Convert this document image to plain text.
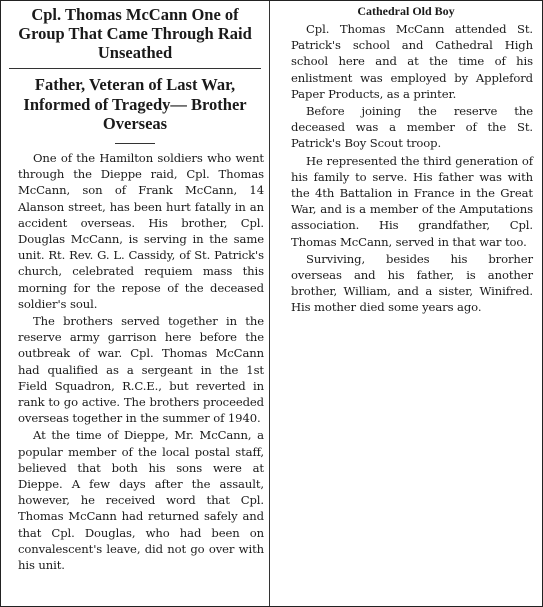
Cpl. Thomas McCann One of Group That Came Through Raid Unseathed
Father, Veteran of Last War, Informed of Tragedy— Brother Overseas

One of the Hamilton soldiers who went through the Dieppe raid, Cpl. Thomas McCann, son of Frank McCann, 14 Alanson street, has been hurt fatally in an accident overseas. His brother, Cpl. Douglas McCann, is serving in the same unit. Rt. Rev. G. L. Cassidy, of St. Patrick's church, celebrated requiem mass this morning for the repose of the deceased soldier's soul.

The brothers served together in the reserve army garrison here before the outbreak of war. Cpl. Thomas McCann had qualified as a sergeant in the 1st Field Squadron, R.C.E., but reverted in rank to go active. The brothers proceeded overseas together in the summer of 1940.

At the time of Dieppe, Mr. McCann, a popular member of the local postal staff, believed that both his sons were at Dieppe. A few days after the assault, however, he received word that Cpl. Thomas McCann had returned safely and that Cpl. Douglas, who had been on convalescent's leave, did not go over with his unit.

Cathedral Old Boy

Cpl. Thomas McCann attended St. Patrick's school and Cathedral High school here and at the time of his enlistment was employed by Appleford Paper Products, as a printer.

Before joining the reserve the deceased was a member of the St. Patrick's Boy Scout troop.

He represented the third generation of his family to serve. His father was with the 4th Battalion in France in the Great War, and is a member of the Amputations association. His grandfather, Cpl. Thomas McCann, served in that war too.

Surviving, besides his brorher overseas and his father, is another brother, William, and a sister, Winifred. His mother died some years ago.
